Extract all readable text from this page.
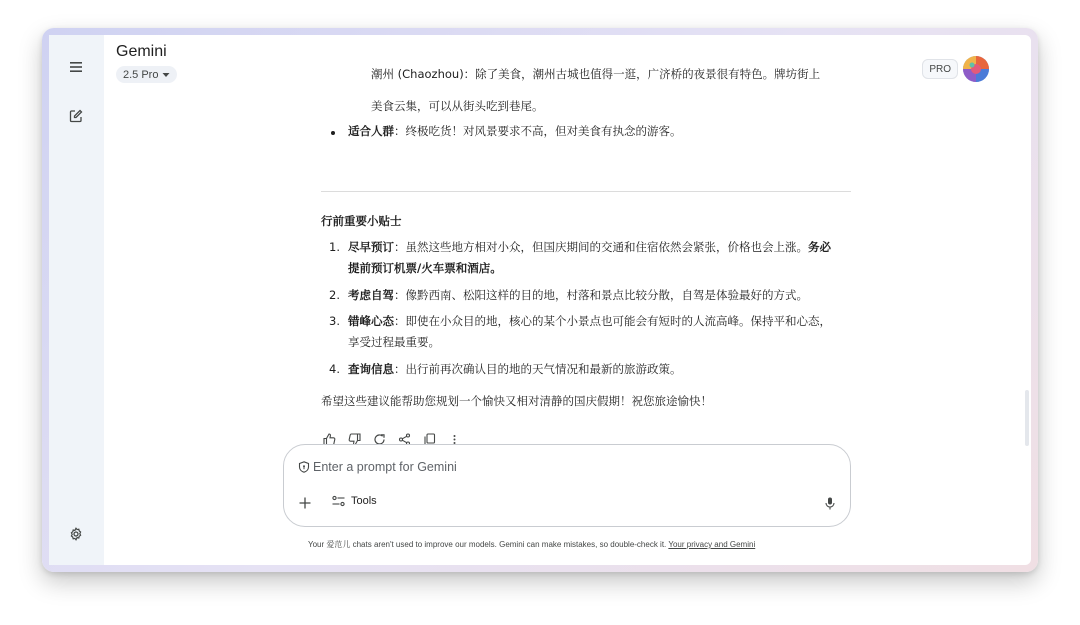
Gemini
2.5 Pro	PRO
潮州 (Chaozhou)：除了美食，潮州古城也值得一逛，广济桥的夜景很有特色。牌坊街上
美食云集，可以从街头吃到巷尾。
适合人群：终极吃货！对风景要求不高，但对美食有执念的游客。
行前重要小贴士
1. 尽早预订：虽然这些地方相对小众，但国庆期间的交通和住宿依然会紧张，价格也会上涨。务必
提前预订机票/火车票和酒店。
2. 考虑自驾：像黔西南、松阳这样的目的地，村落和景点比较分散，自驾是体验最好的方式。
3. 错峰心态：即使在小众目的地，核心的某个小景点也可能会有短时的人流高峰。保持平和心态，
享受过程最重要。
4. 查询信息：出行前再次确认目的地的天气情况和最新的旅游政策。
希望这些建议能帮助您规划一个愉快又相对清静的国庆假期！祝您旅途愉快！
Enter a prompt for Gemini
Tools
Your 爱范儿 chats aren't used to improve our models. Gemini can make mistakes, so double-check it. Your privacy and Gemini
